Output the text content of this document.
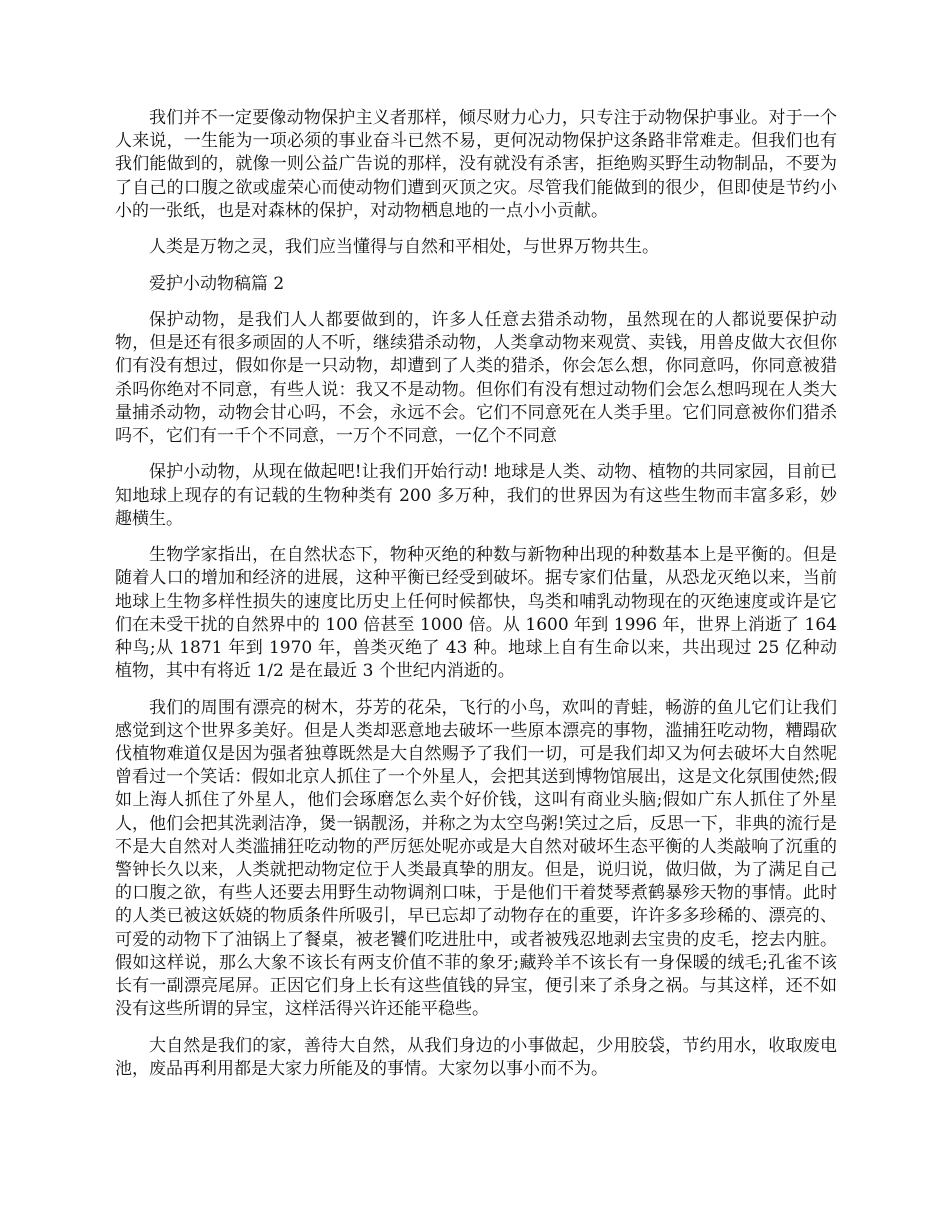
我们并不一定要像动物保护主义者那样，倾尽财力心力，只专注于动物保护事业。对于一个人来说，一生能为一项必须的事业奋斗已然不易，更何况动物保护这条路非常难走。但我们也有我们能做到的，就像一则公益广告说的那样，没有就没有杀害，拒绝购买野生动物制品，不要为了自己的口腹之欲或虚荣心而使动物们遭到灭顶之灾。尽管我们能做到的很少，但即使是节约小小的一张纸，也是对森林的保护，对动物栖息地的一点小小贡献。

人类是万物之灵，我们应当懂得与自然和平相处，与世界万物共生。

爱护小动物稿篇 2

保护动物，是我们人人都要做到的，许多人任意去猎杀动物，虽然现在的人都说要保护动物，但是还有很多顽固的人不听，继续猎杀动物，人类拿动物来观赏、卖钱，用兽皮做大衣但你们有没有想过，假如你是一只动物，却遭到了人类的猎杀，你会怎么想，你同意吗，你同意被猎杀吗你绝对不同意，有些人说：我又不是动物。但你们有没有想过动物们会怎么想吗现在人类大量捕杀动物，动物会甘心吗，不会，永远不会。它们不同意死在人类手里。它们同意被你们猎杀吗不，它们有一千个不同意，一万个不同意，一亿个不同意

保护小动物，从现在做起吧!让我们开始行动! 地球是人类、动物、植物的共同家园，目前已知地球上现存的有记载的生物种类有 200 多万种，我们的世界因为有这些生物而丰富多彩，妙趣横生。

生物学家指出，在自然状态下，物种灭绝的种数与新物种出现的种数基本上是平衡的。但是随着人口的增加和经济的进展，这种平衡已经受到破坏。据专家们估量，从恐龙灭绝以来，当前地球上生物多样性损失的速度比历史上任何时候都快，鸟类和哺乳动物现在的灭绝速度或许是它们在未受干扰的自然界中的 100 倍甚至 1000 倍。从 1600 年到 1996 年，世界上消逝了 164 种鸟;从 1871 年到 1970 年，兽类灭绝了 43 种。地球上自有生命以来，共出现过 25 亿种动植物，其中有将近 1/2 是在最近 3 个世纪内消逝的。

我们的周围有漂亮的树木，芬芳的花朵，飞行的小鸟，欢叫的青蛙，畅游的鱼儿它们让我们感觉到这个世界多美好。但是人类却恶意地去破坏一些原本漂亮的事物，滥捕狂吃动物，糟蹋砍伐植物难道仅是因为强者独尊既然是大自然赐予了我们一切，可是我们却又为何去破坏大自然呢曾看过一个笑话：假如北京人抓住了一个外星人，会把其送到博物馆展出，这是文化氛围使然;假如上海人抓住了外星人，他们会琢磨怎么卖个好价钱，这叫有商业头脑;假如广东人抓住了外星人，他们会把其洗剥洁净，煲一锅靓汤，并称之为太空鸟粥!笑过之后，反思一下，非典的流行是不是大自然对人类滥捕狂吃动物的严厉惩处呢亦或是大自然对破坏生态平衡的人类敲响了沉重的警钟长久以来，人类就把动物定位于人类最真挚的朋友。但是，说归说，做归做，为了满足自己的口腹之欲，有些人还要去用野生动物调剂口味，于是他们干着焚琴煮鹤暴殄天物的事情。此时的人类已被这妖娆的物质条件所吸引，早已忘却了动物存在的重要，许许多多珍稀的、漂亮的、可爱的动物下了油锅上了餐桌，被老饕们吃进肚中，或者被残忍地剥去宝贵的皮毛，挖去内脏。假如这样说，那么大象不该长有两支价值不菲的象牙;藏羚羊不该长有一身保暖的绒毛;孔雀不该长有一副漂亮尾屏。正因它们身上长有这些值钱的异宝，便引来了杀身之祸。与其这样，还不如没有这些所谓的异宝，这样活得兴许还能平稳些。

大自然是我们的家，善待大自然，从我们身边的小事做起，少用胶袋，节约用水，收取废电池，废品再利用都是大家力所能及的事情。大家勿以事小而不为。
